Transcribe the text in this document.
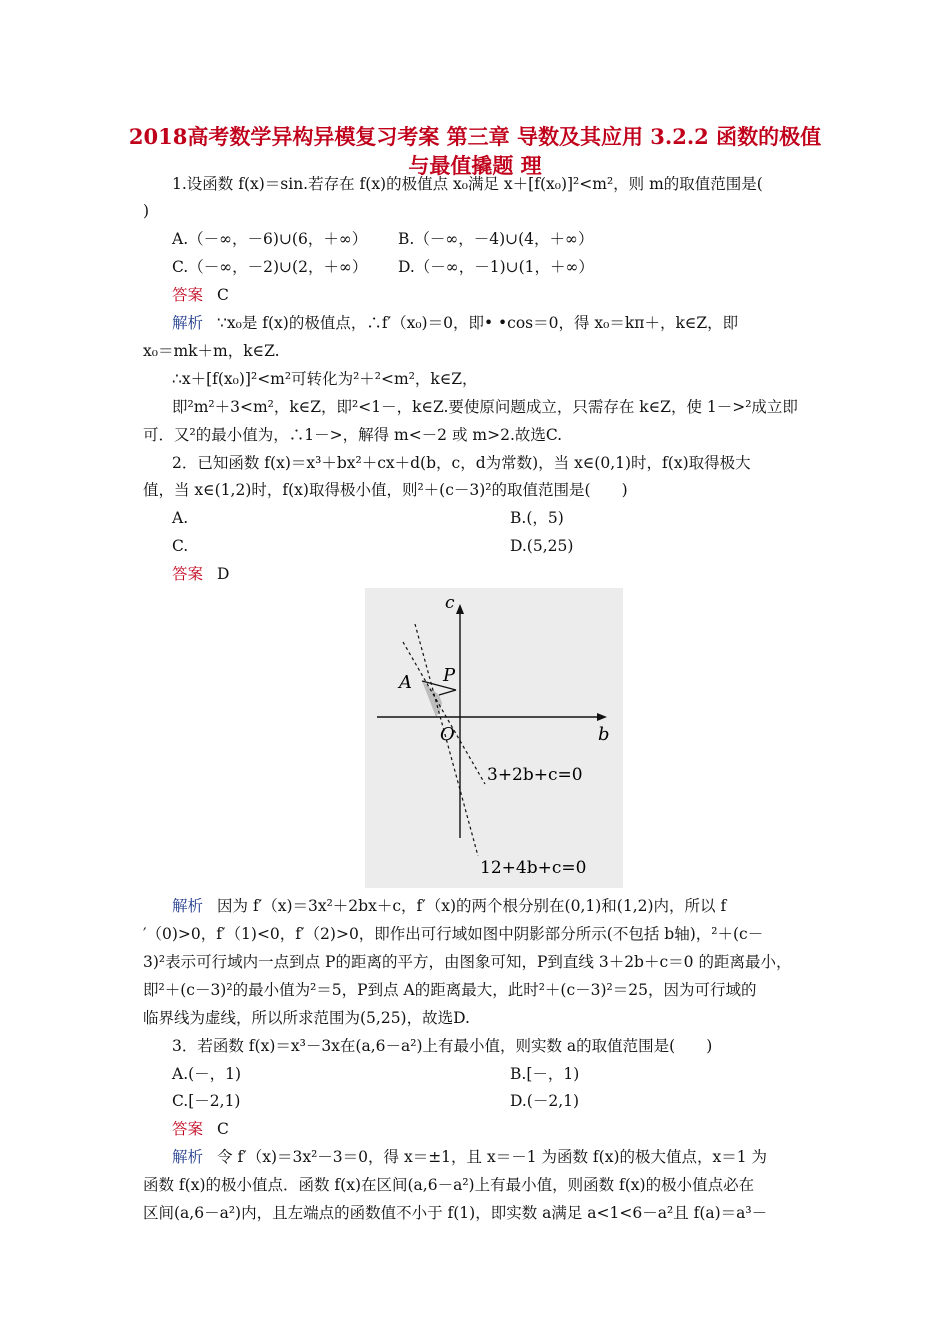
2018高考数学异构异模复习考案 第三章 导数及其应用 3.2.2 函数的极值与最值撬题 理
1.设函数 f(x)＝sin.若存在 f(x)的极值点 x₀满足 x＋[f(x₀)]²<m²，则 m的取值范围是(
)
A.（－∞，－6)∪(6，＋∞） B.（－∞，－4)∪(4，＋∞）
C.（－∞，－2)∪(2，＋∞） D.（－∞，－1)∪(1，＋∞）
答案 C
解析 ∵x₀是 f(x)的极值点，∴f′（x₀)＝0，即• •cos＝0，得 x₀＝kπ＋，k∈Z，即
x₀＝mk＋m，k∈Z.
∴x＋[f(x₀)]²<m²可转化为²＋²<m²，k∈Z，
即²m²＋3<m²，k∈Z，即²<1－，k∈Z.要使原问题成立，只需存在 k∈Z，使 1－>²成立即
可．又²的最小值为，∴1－>，解得 m<－2 或 m>2.故选C.
2．已知函数 f(x)＝x³＋bx²＋cx＋d(b，c，d为常数)，当 x∈(0,1)时，f(x)取得极大
值，当 x∈(1,2)时，f(x)取得极小值，则²＋(c－3)²的取值范围是(　　)
A.	B.(，5)
C.	D.(5,25)
答案 D
c
b
P
A
O
3+2b+c=0
12+4b+c=0
解析 因为 f′（x)＝3x²＋2bx＋c，f′（x)的两个根分别在(0,1)和(1,2)内，所以 f
′（0)>0，f′（1)<0，f′（2)>0，即作出可行域如图中阴影部分所示(不包括 b轴)，²＋(c－
3)²表示可行域内一点到点 P的距离的平方，由图象可知，P到直线 3＋2b＋c＝0 的距离最小，
即²＋(c－3)²的最小值为²＝5，P到点 A的距离最大，此时²＋(c－3)²＝25，因为可行域的
临界线为虚线，所以所求范围为(5,25)，故选D.
3．若函数 f(x)＝x³－3x在(a,6－a²)上有最小值，则实数 a的取值范围是(　　)
A.(－，1)	B.[－，1)
C.[－2,1)	D.(－2,1)
答案 C
解析 令 f′（x)＝3x²－3＝0，得 x＝±1，且 x＝－1 为函数 f(x)的极大值点，x＝1 为
函数 f(x)的极小值点．函数 f(x)在区间(a,6－a²)上有最小值，则函数 f(x)的极小值点必在
区间(a,6－a²)内，且左端点的函数值不小于 f(1)，即实数 a满足 a<1<6－a²且 f(a)＝a³－
